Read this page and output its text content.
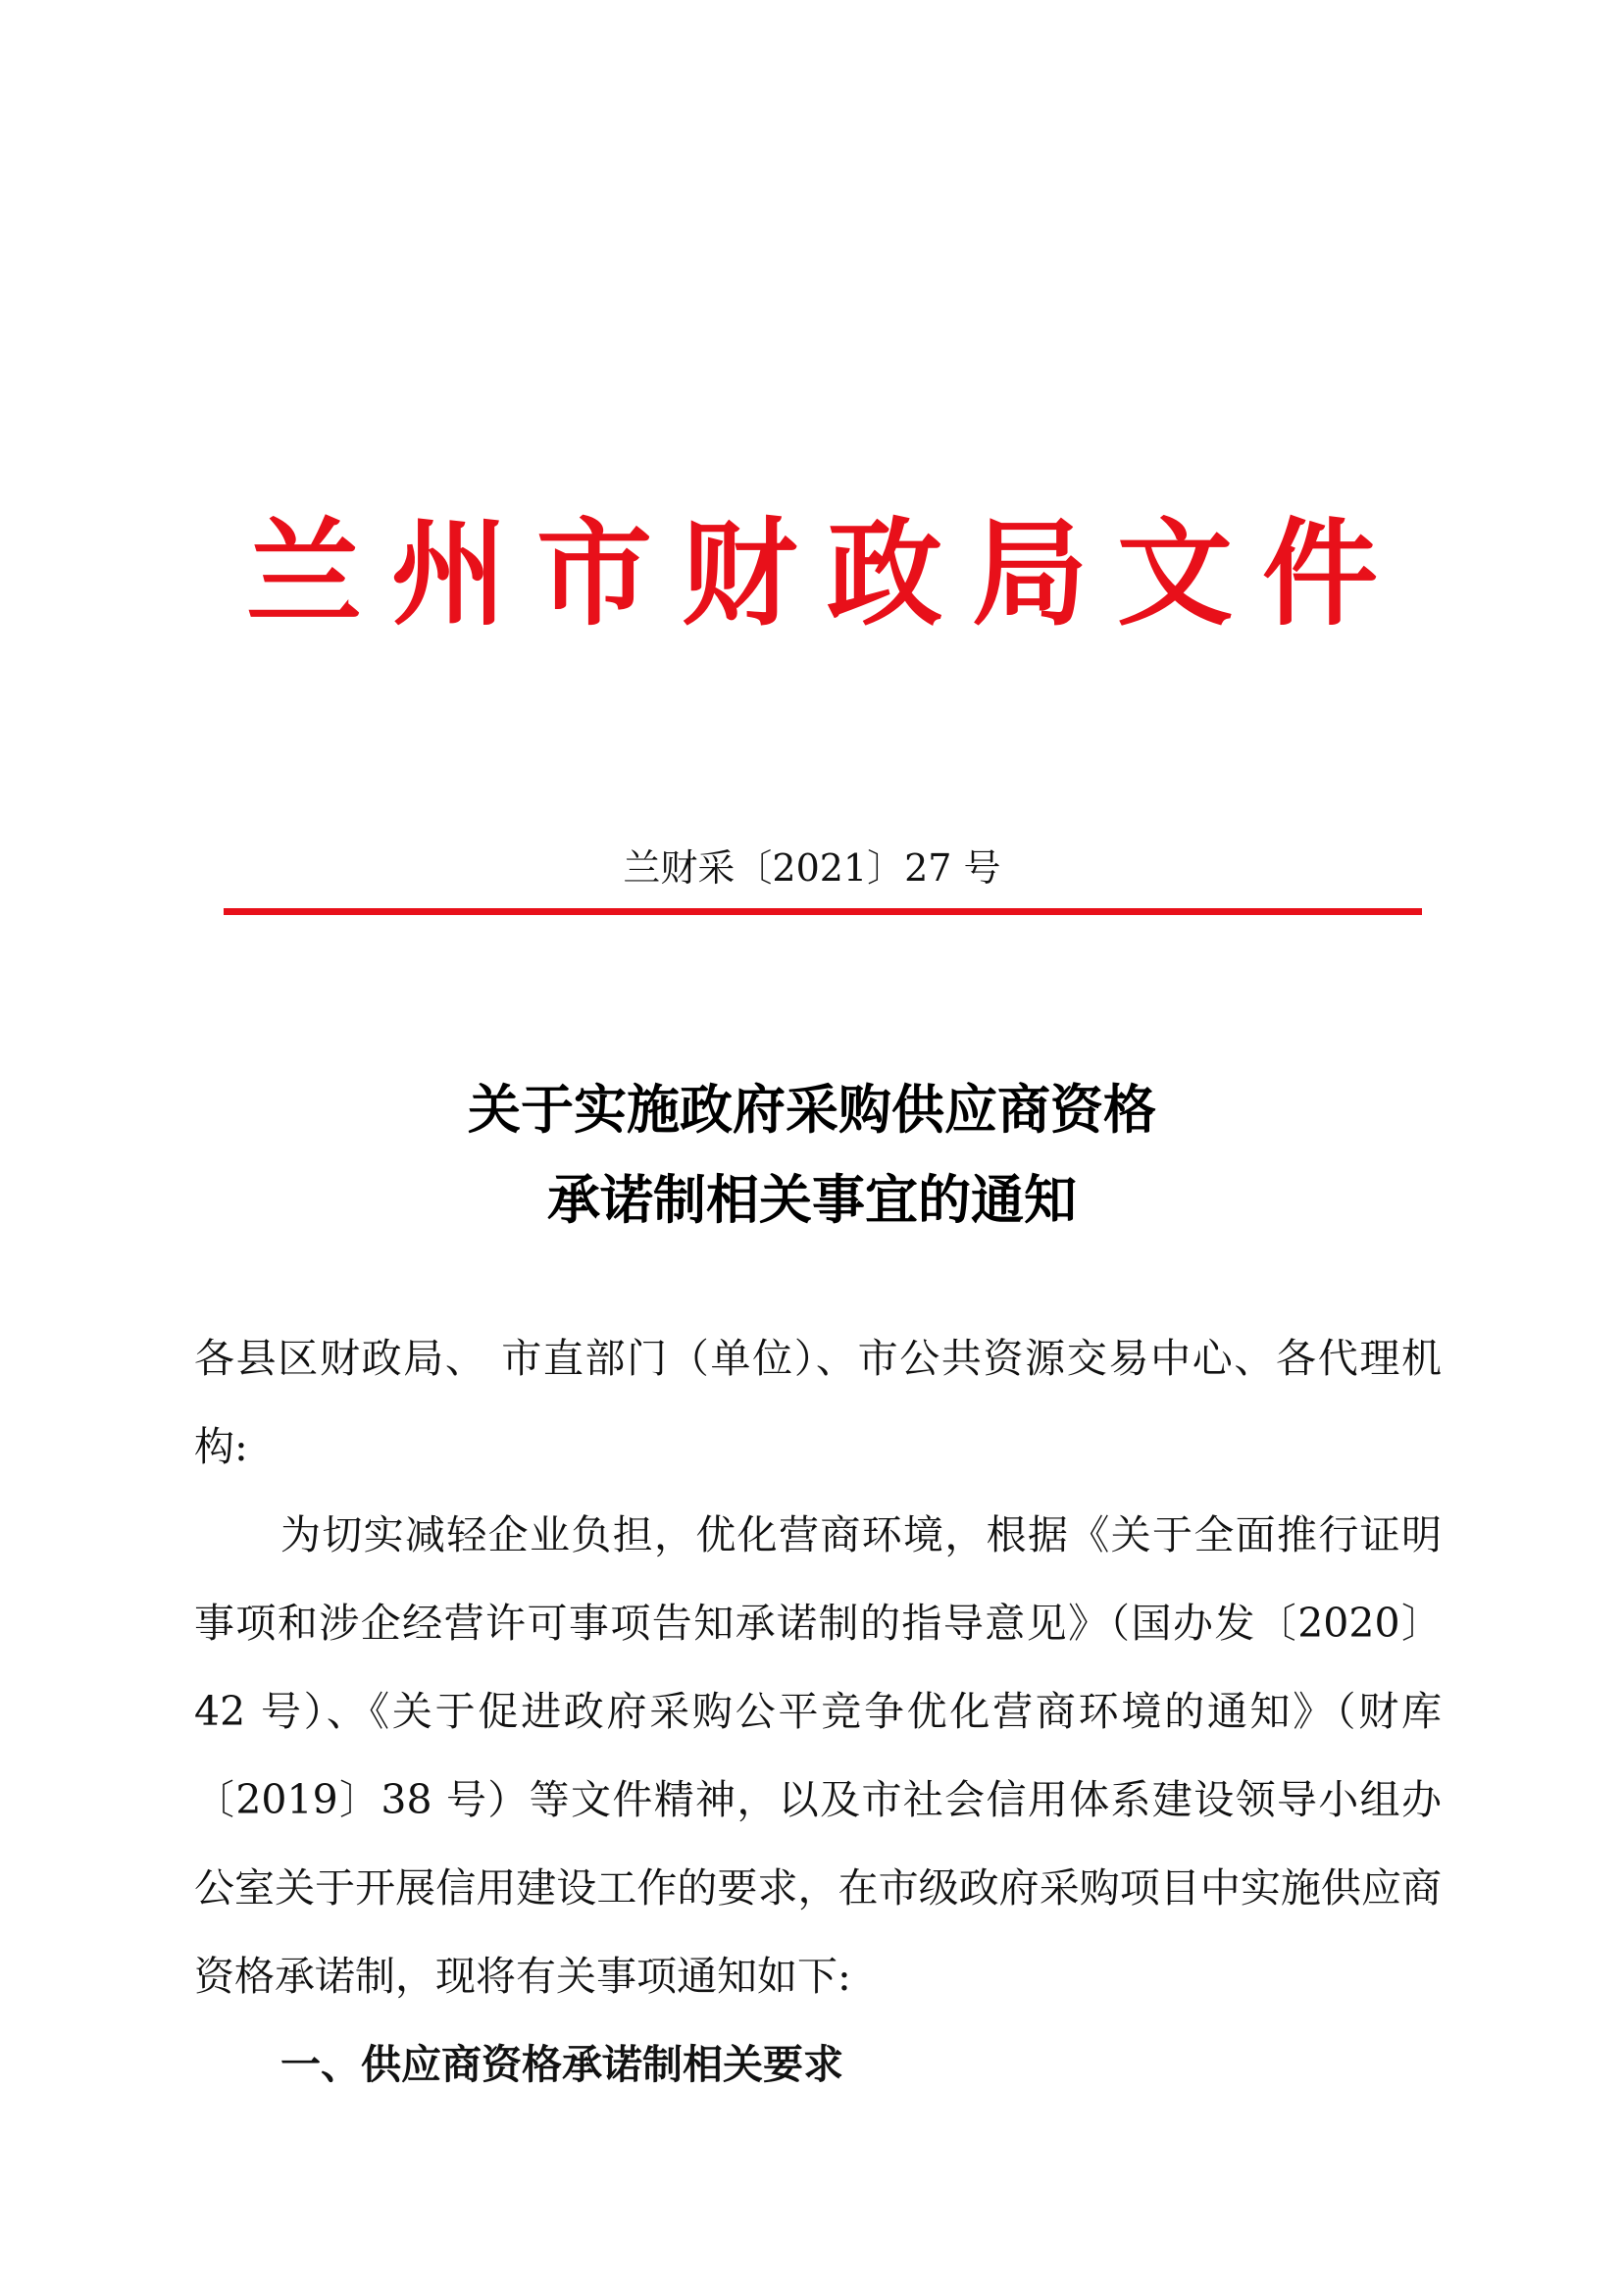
兰州市财政局文件
兰财采〔2021〕27 号
关于实施政府采购供应商资格
承诺制相关事宜的通知

各县区财政局、 市直部门（单位）、市公共资源交易中心、各代理机构:

为切实减轻企业负担，优化营商环境，根据《关于全面推行证明事项和涉企经营许可事项告知承诺制的指导意见》（国办发〔2020〕42 号）、《关于促进政府采购公平竞争优化营商环境的通知》（财库〔2019〕38 号）等文件精神，以及市社会信用体系建设领导小组办公室关于开展信用建设工作的要求，在市级政府采购项目中实施供应商资格承诺制，现将有关事项通知如下:

一、供应商资格承诺制相关要求
